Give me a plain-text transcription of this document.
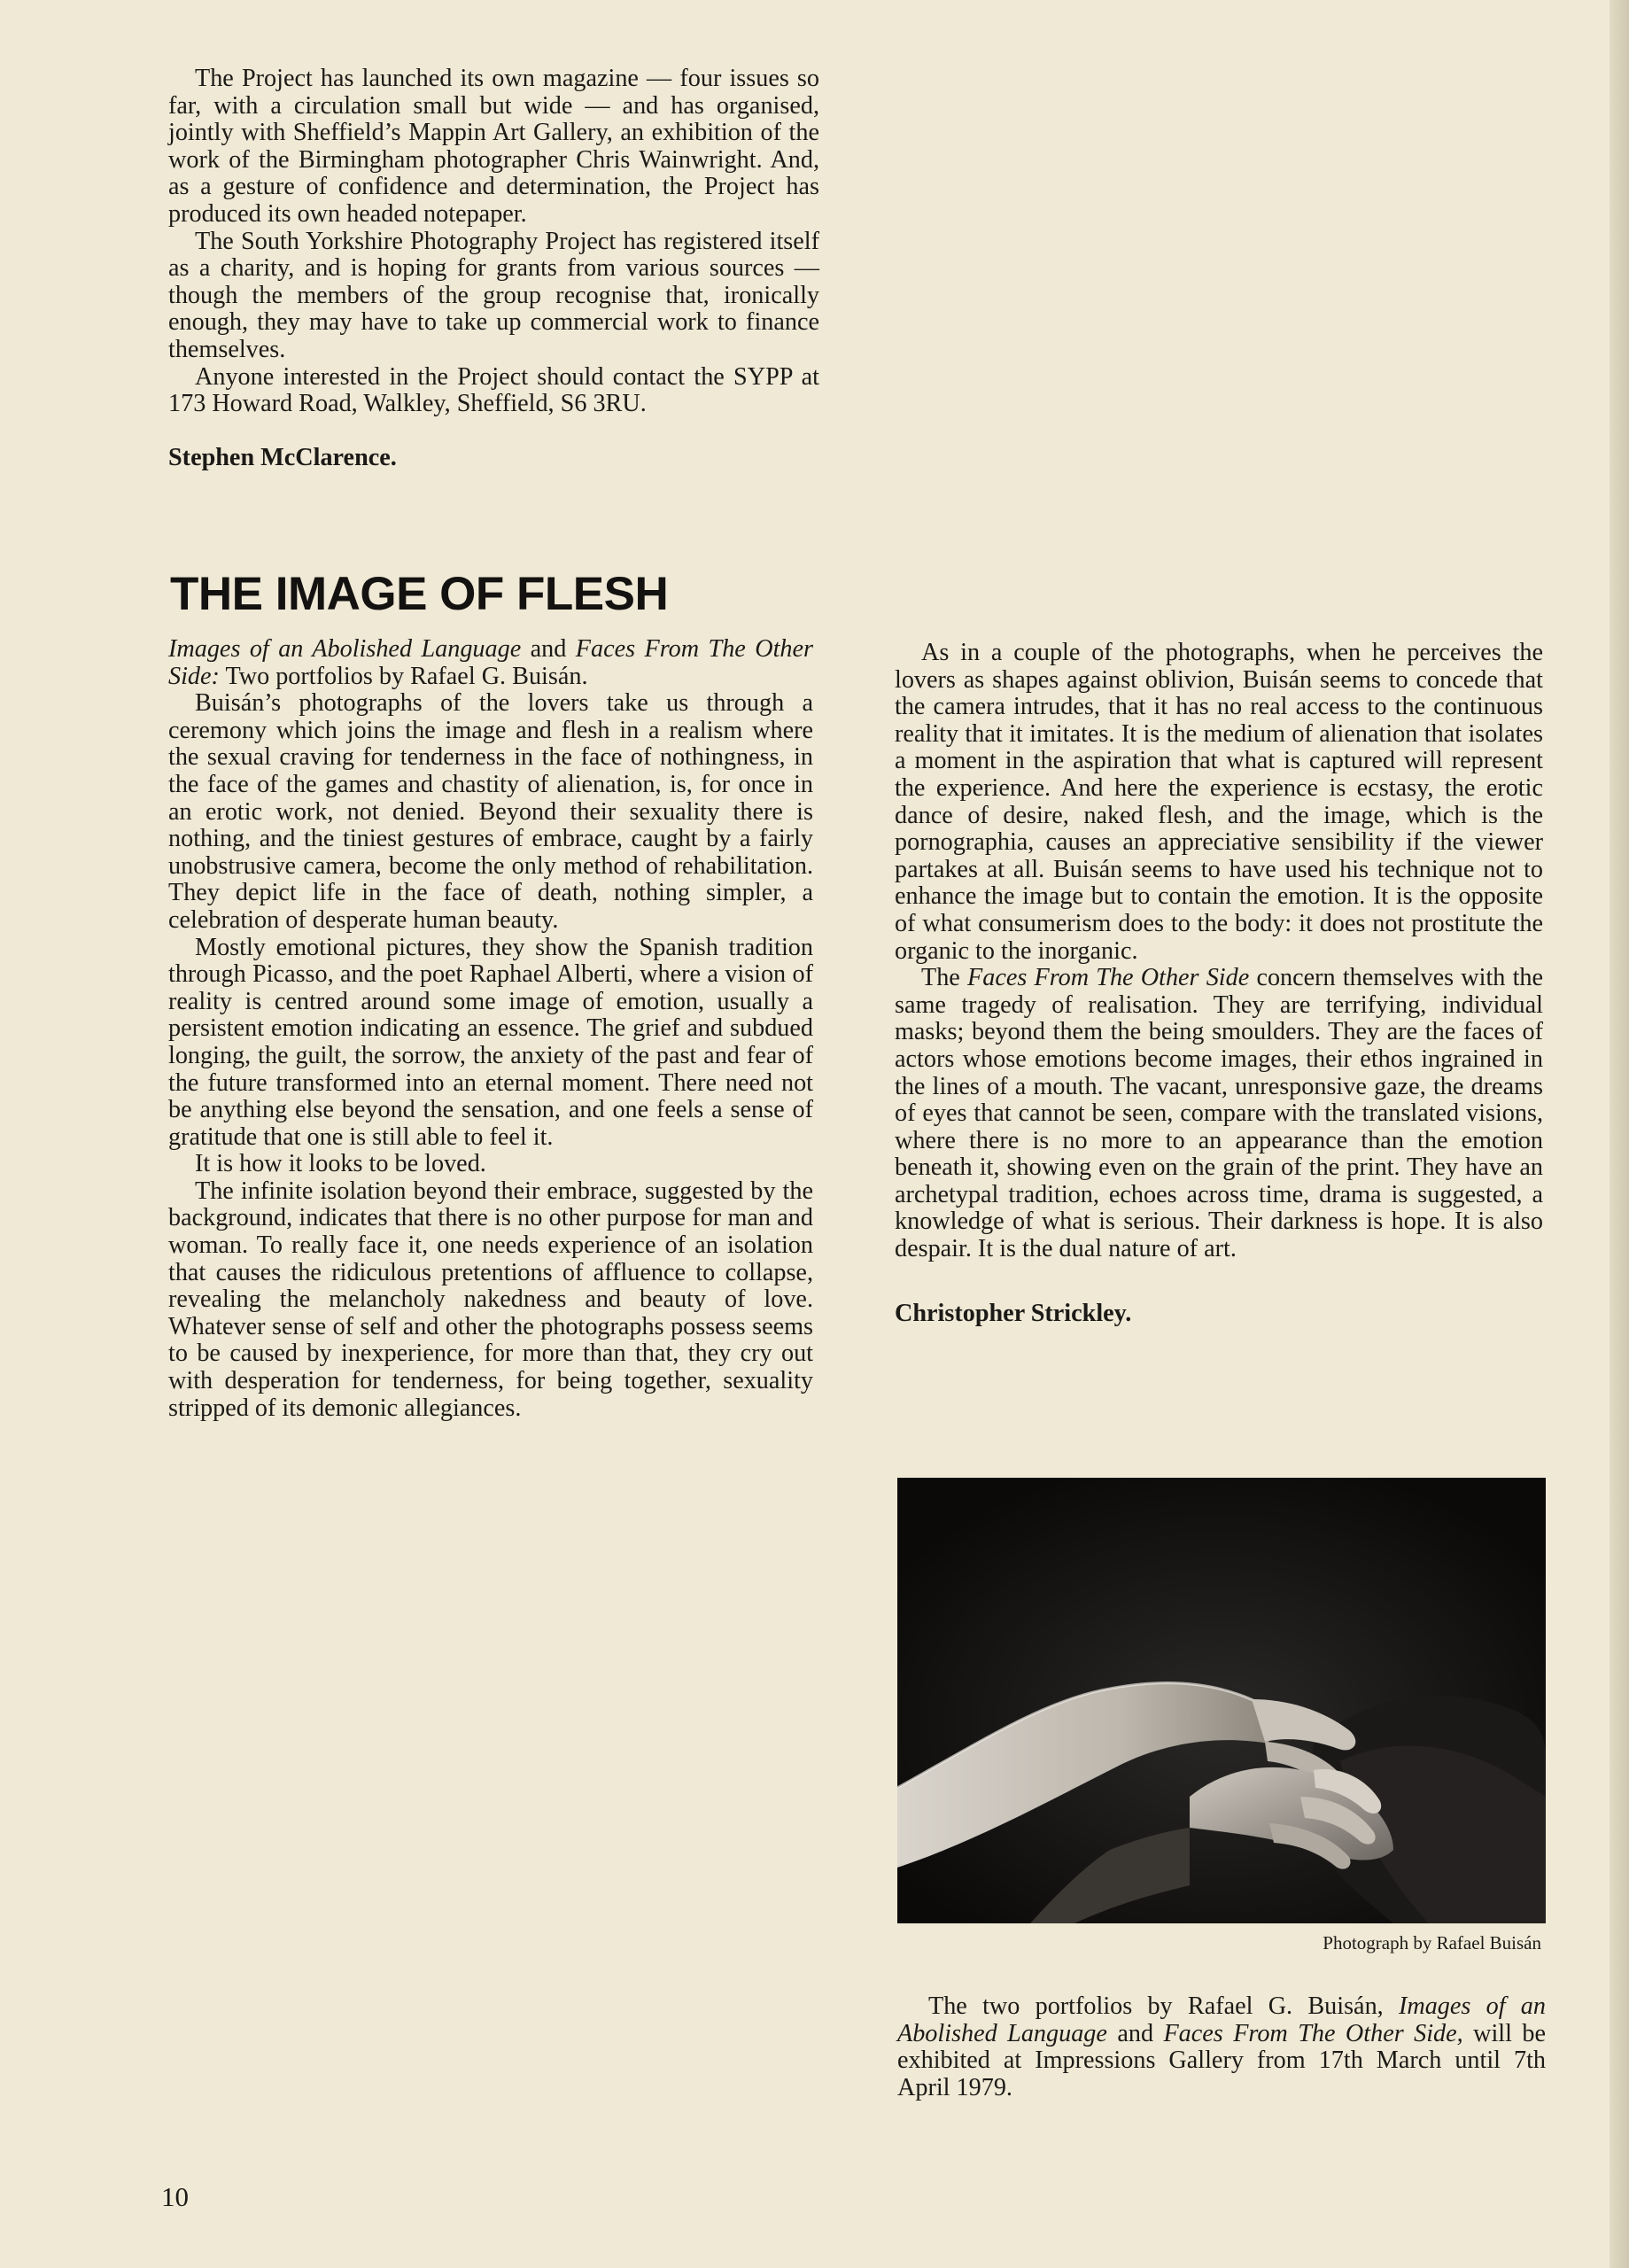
The Project has launched its own magazine — four issues so far, with a circulation small but wide — and has organised, jointly with Sheffield’s Mappin Art Gallery, an exhibition of the work of the Birmingham photographer Chris Wainwright. And, as a gesture of confidence and determination, the Project has produced its own headed notepaper.

The South Yorkshire Photography Project has registered itself as a charity, and is hoping for grants from various sources — though the members of the group recognise that, ironically enough, they may have to take up commercial work to finance themselves.

Anyone interested in the Project should contact the SYPP at 173 Howard Road, Walkley, Sheffield, S6 3RU.

Stephen McClarence.

THE IMAGE OF FLESH

Images of an Abolished Language and Faces From The Other Side: Two portfolios by Rafael G. Buisán.

Buisán’s photographs of the lovers take us through a ceremony which joins the image and flesh in a realism where the sexual craving for tenderness in the face of nothingness, in the face of the games and chastity of alienation, is, for once in an erotic work, not denied. Beyond their sexuality there is nothing, and the tiniest gestures of embrace, caught by a fairly unobstrusive camera, become the only method of rehabilitation. They depict life in the face of death, nothing simpler, a celebration of desperate human beauty.

Mostly emotional pictures, they show the Spanish tradition through Picasso, and the poet Raphael Alberti, where a vision of reality is centred around some image of emotion, usually a persistent emotion indicating an essence. The grief and subdued longing, the guilt, the sorrow, the anxiety of the past and fear of the future transformed into an eternal moment. There need not be anything else beyond the sensation, and one feels a sense of gratitude that one is still able to feel it.

It is how it looks to be loved.

The infinite isolation beyond their embrace, suggested by the background, indicates that there is no other purpose for man and woman. To really face it, one needs experience of an isolation that causes the ridiculous pretentions of affluence to collapse, revealing the melancholy nakedness and beauty of love. Whatever sense of self and other the photographs possess seems to be caused by inexperience, for more than that, they cry out with desperation for tenderness, for being together, sexuality stripped of its demonic allegiances.

As in a couple of the photographs, when he perceives the lovers as shapes against oblivion, Buisán seems to concede that the camera intrudes, that it has no real access to the continuous reality that it imitates. It is the medium of alienation that isolates a moment in the aspiration that what is captured will represent the experience. And here the experience is ecstasy, the erotic dance of desire, naked flesh, and the image, which is the pornographia, causes an appreciative sensibility if the viewer partakes at all. Buisán seems to have used his technique not to enhance the image but to contain the emotion. It is the opposite of what consumerism does to the body: it does not prostitute the organic to the inorganic.

The Faces From The Other Side concern themselves with the same tragedy of realisation. They are terrifying, individual masks; beyond them the being smoulders. They are the faces of actors whose emotions become images, their ethos ingrained in the lines of a mouth. The vacant, unresponsive gaze, the dreams of eyes that cannot be seen, compare with the translated visions, where there is no more to an appearance than the emotion beneath it, showing even on the grain of the print. They have an archetypal tradition, echoes across time, drama is suggested, a knowledge of what is serious. Their darkness is hope. It is also despair. It is the dual nature of art.

Christopher Strickley.

Photograph by Rafael Buisán

The two portfolios by Rafael G. Buisán, Images of an Abolished Language and Faces From The Other Side, will be exhibited at Impressions Gallery from 17th March until 7th April 1979.

10
